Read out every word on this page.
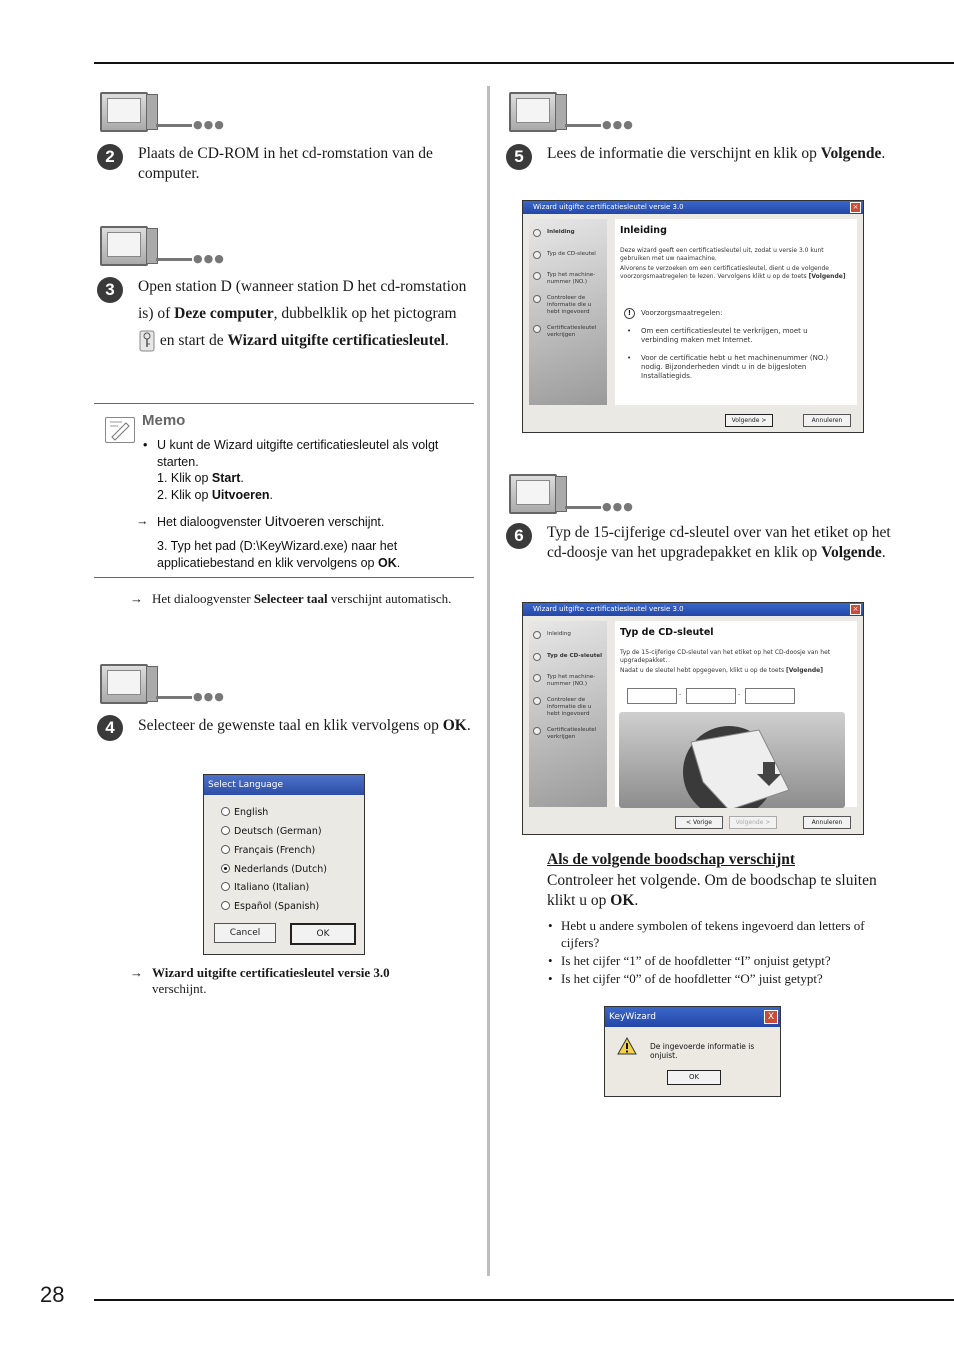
●●●
2	Plaats de CD-ROM in het cd-romstation van de computer.
●●●
3	Open station D (wanneer station D het cd-romstation is) of Deze computer, dubbelklik op het pictogram  en start de Wizard uitgifte certificatiesleutel.
Memo
• U kunt de Wizard uitgifte certificatiesleutel als volgt starten.
1. Klik op Start.
2. Klik op Uitvoeren.
→ Het dialoogvenster Uitvoeren verschijnt.
3. Typ het pad (D:\KeyWizard.exe) naar het applicatiebestand en klik vervolgens op OK.
→ Het dialoogvenster Selecteer taal verschijnt automatisch.
●●●
4	Selecteer de gewenste taal en klik vervolgens op OK.
Select Language
English
Deutsch (German)
Français (French)
Nederlands (Dutch)
Italiano (Italian)
Español (Spanish)
Cancel	OK
→ Wizard uitgifte certificatiesleutel versie 3.0
verschijnt.
●●●
5	Lees de informatie die verschijnt en klik op Volgende.
Wizard uitgifte certificatiesleutel versie 3.0	×
Inleiding
Typ de CD-sleutel
Typ het machine-nummer (NO.)
Controleer de informatie die u hebt ingevoerd
Certificatiesleutel verkrijgen
Inleiding
Deze wizard geeft een certificatiesleutel uit, zodat u versie 3.0 kunt gebruiken met uw naaimachine.
Alvorens te verzoeken om een certificatiesleutel, dient u de volgende voorzorgsmaatregelen te lezen. Vervolgens klikt u op de toets [Volgende]
!	Voorzorgsmaatregelen:
• Om een certificatiesleutel te verkrijgen, moet u verbinding maken met Internet.
• Voor de certificatie hebt u het machinenummer (NO.) nodig. Bijzonderheden vindt u in de bijgesloten Installatiegids.
Volgende >	Annuleren
●●●
6	Typ de 15-cijferige cd-sleutel over van het etiket op het cd-doosje van het upgradepakket en klik op Volgende.
Wizard uitgifte certificatiesleutel versie 3.0	×
Inleiding
Typ de CD-sleutel
Typ het machine-nummer (NO.)
Controleer de informatie die u hebt ingevoerd
Certificatiesleutel verkrijgen
Typ de CD-sleutel
Typ de 15-cijferige CD-sleutel van het etiket op het CD-doosje van het upgradepakket.
Nadat u de sleutel hebt opgegeven, klikt u op de toets [Volgende]
-	-
< Vorige	Volgende >	Annuleren
Als de volgende boodschap verschijnt
Controleer het volgende. Om de boodschap te sluiten klikt u op OK.
• Hebt u andere symbolen of tekens ingevoerd dan letters of cijfers?
• Is het cijfer “1” of de hoofdletter “I” onjuist getypt?
• Is het cijfer “0” of de hoofdletter “O” juist getypt?
KeyWizard	X
De ingevoerde informatie is onjuist.
OK
28
